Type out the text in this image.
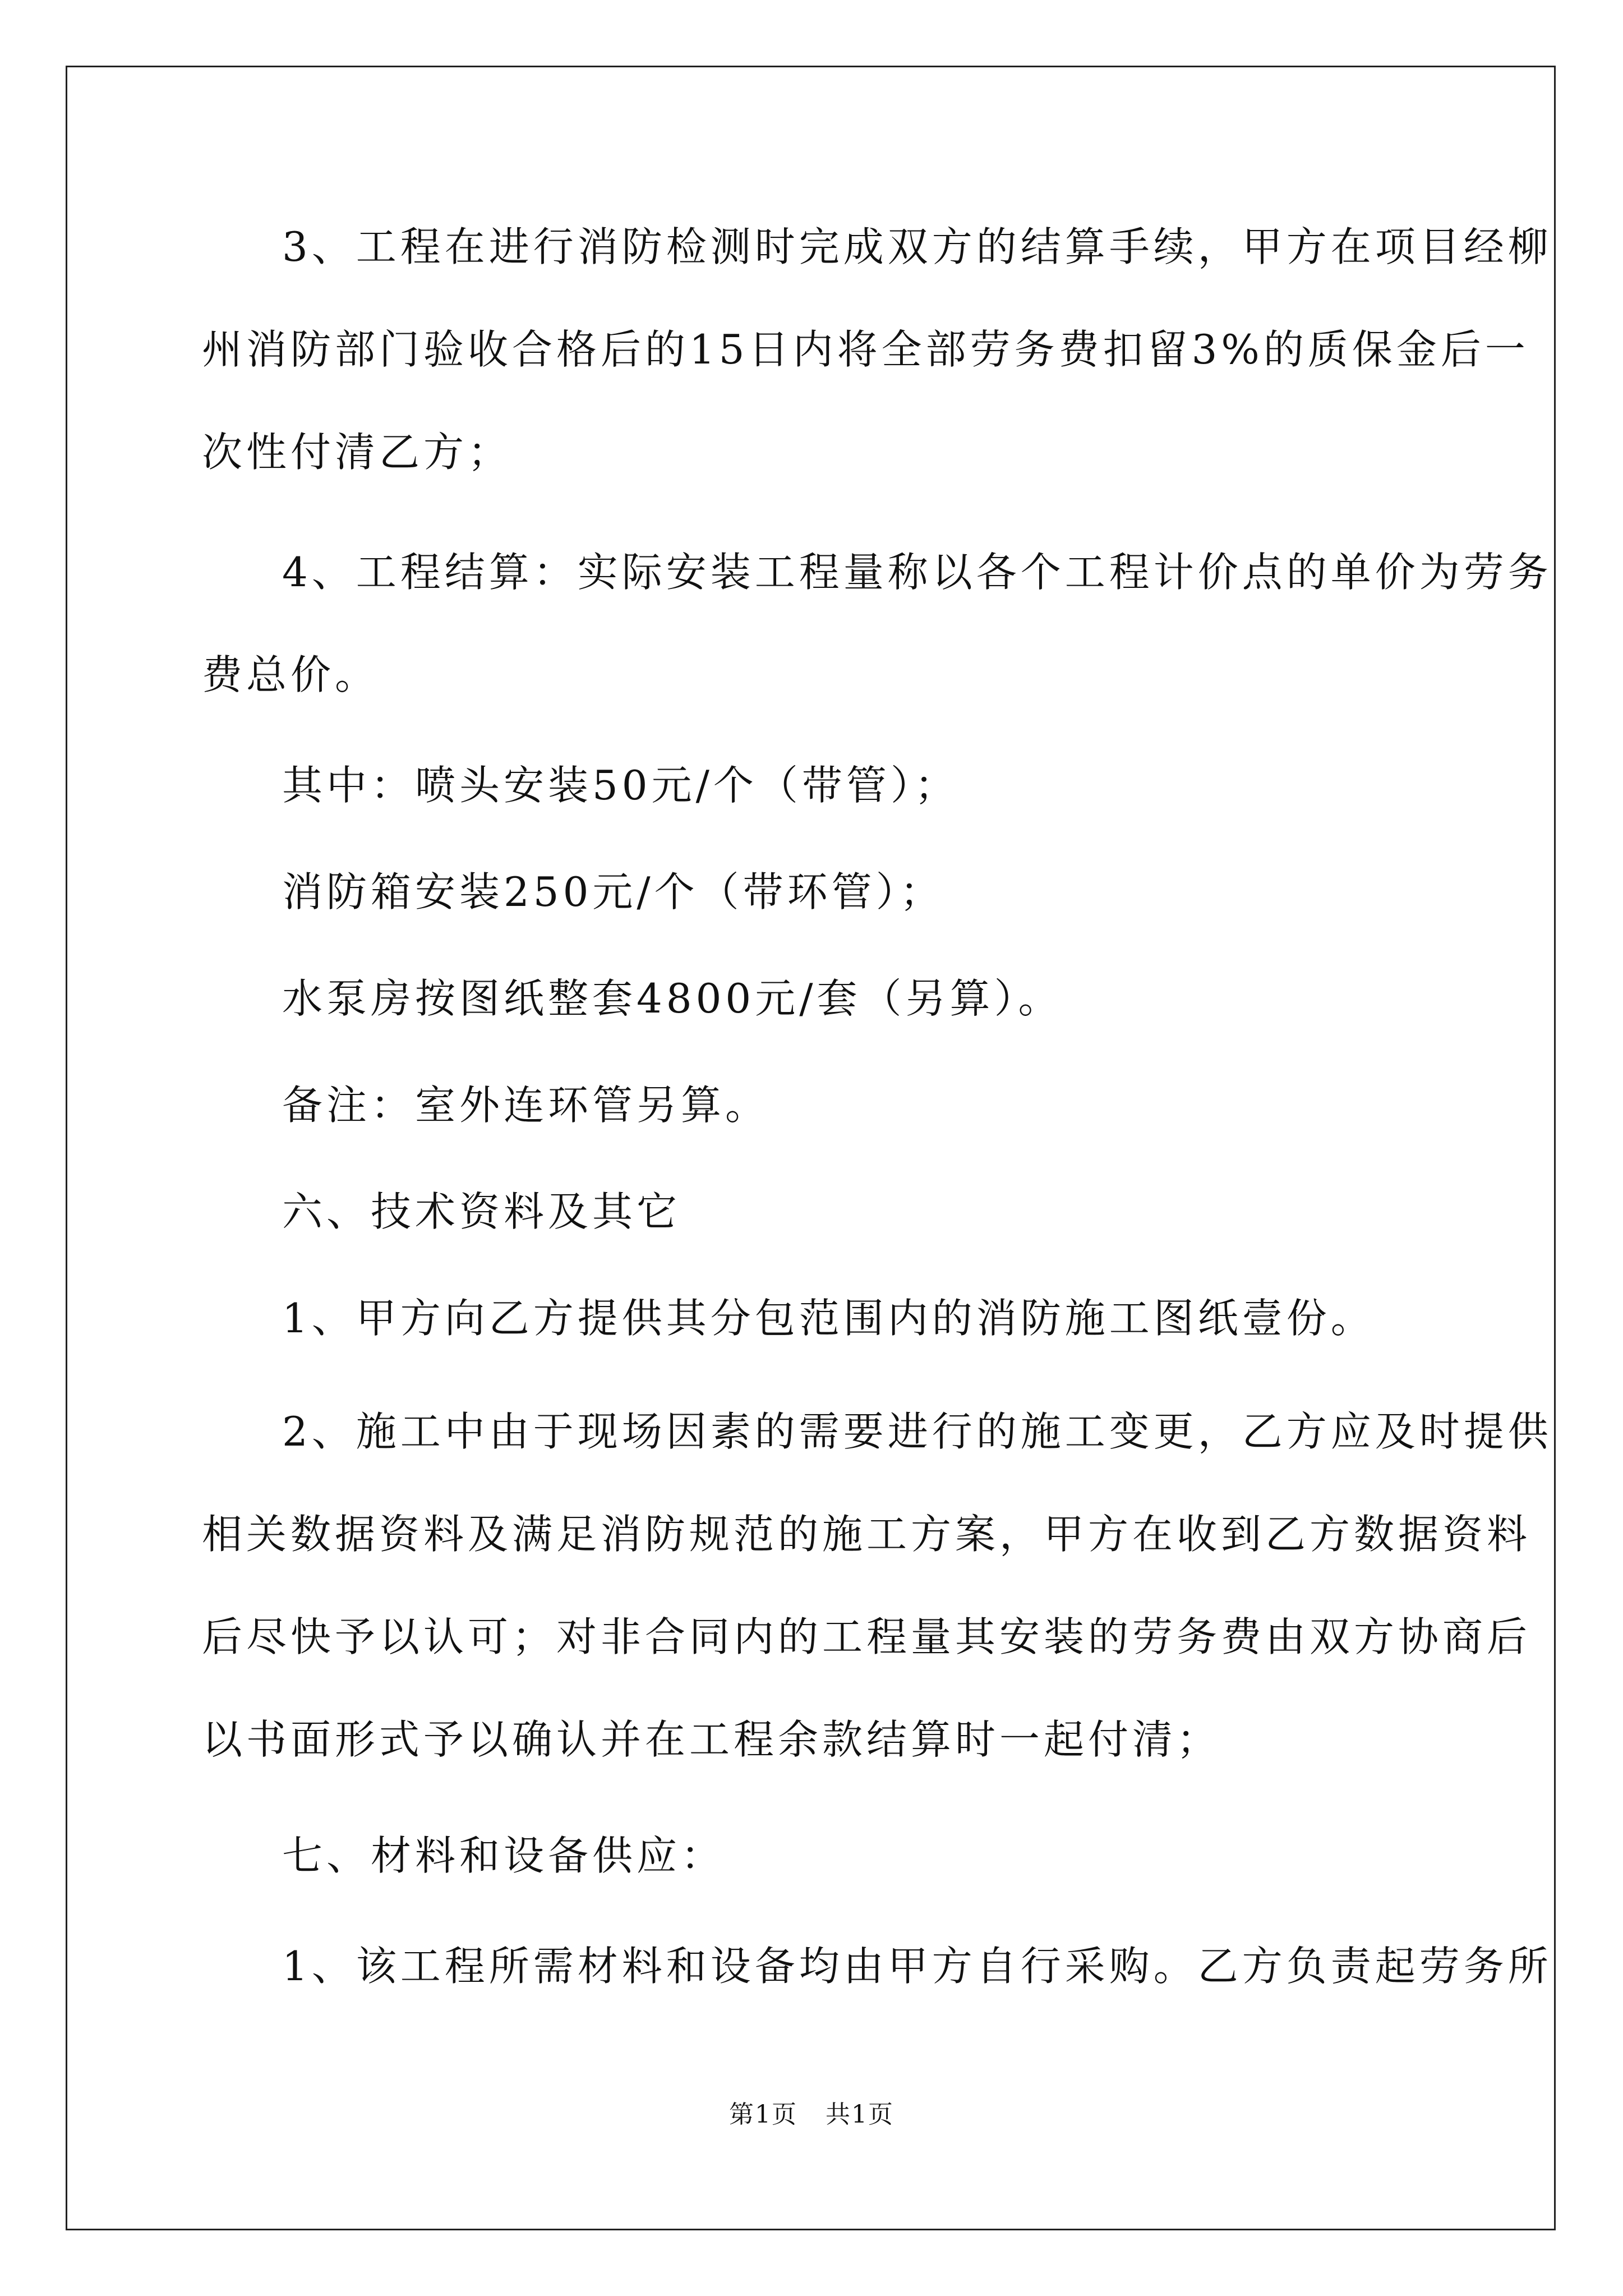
3、工程在进行消防检测时完成双方的结算手续，甲方在项目经柳
州消防部门验收合格后的15日内将全部劳务费扣留3%的质保金后一
次性付清乙方；
4、工程结算：实际安装工程量称以各个工程计价点的单价为劳务
费总价。
其中：喷头安装50元/个（带管）；
消防箱安装250元/个（带环管）；
水泵房按图纸整套4800元/套（另算）。
备注：室外连环管另算。
六、技术资料及其它
1、甲方向乙方提供其分包范围内的消防施工图纸壹份。
2、施工中由于现场因素的需要进行的施工变更，乙方应及时提供
相关数据资料及满足消防规范的施工方案，甲方在收到乙方数据资料
后尽快予以认可；对非合同内的工程量其安装的劳务费由双方协商后
以书面形式予以确认并在工程余款结算时一起付清；
七、材料和设备供应：
1、该工程所需材料和设备均由甲方自行采购。乙方负责起劳务所
第1页 共1页
